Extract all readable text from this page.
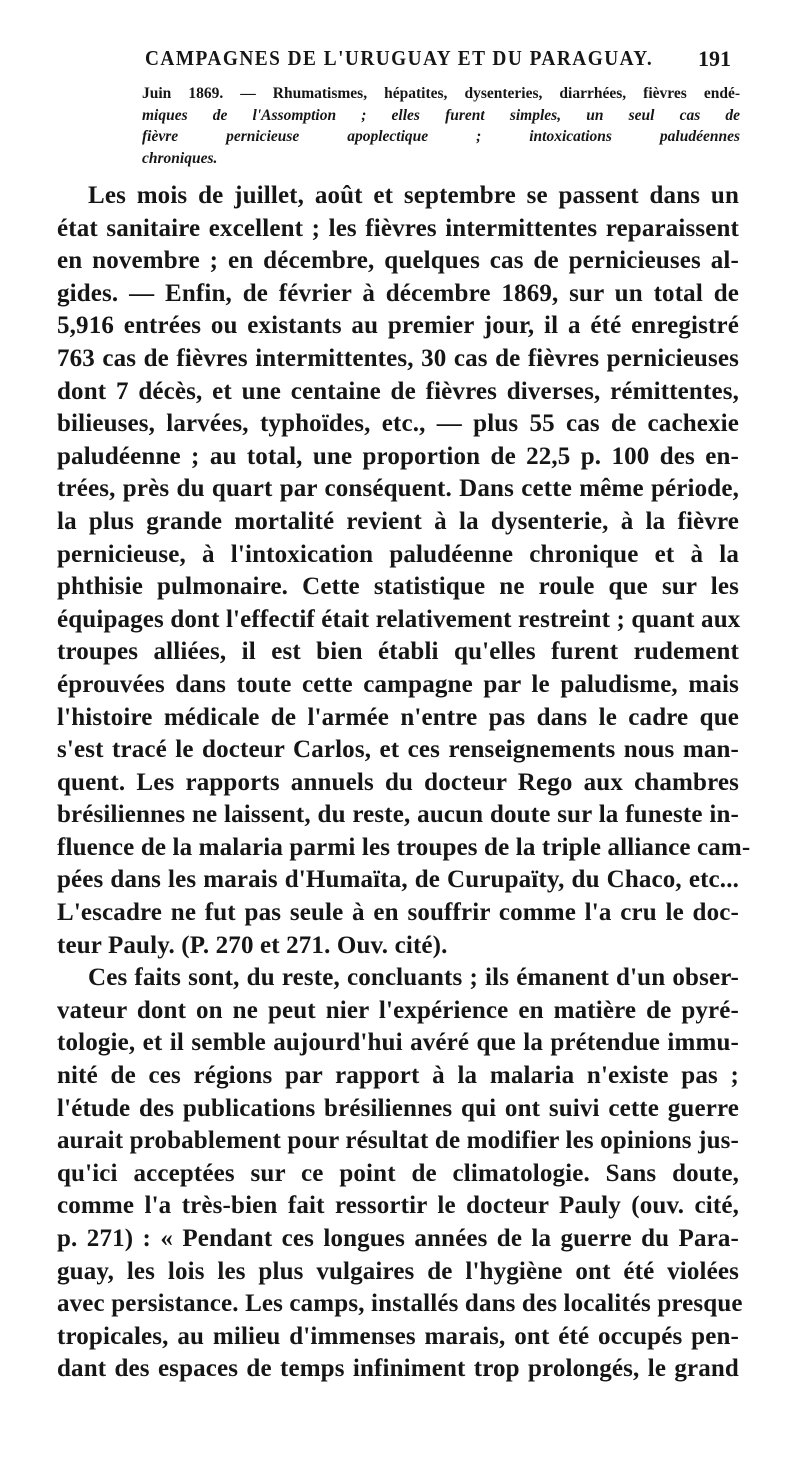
CAMPAGNES DE L'URUGUAY ET DU PARAGUAY. 191
Juin 1869. — Rhumatismes, hépatites, dysenteries, diarrhées, fièvres endé-
miques de l'Assomption ; elles furent simples, un seul cas de
fièvre pernicieuse apoplectique ; intoxications paludéennes
chroniques.
Les mois de juillet, août et septembre se passent dans un
état sanitaire excellent ; les fièvres intermittentes reparaissent
en novembre ; en décembre, quelques cas de pernicieuses al-
gides. — Enfin, de février à décembre 1869, sur un total de
5,916 entrées ou existants au premier jour, il a été enregistré
763 cas de fièvres intermittentes, 30 cas de fièvres pernicieuses
dont 7 décès, et une centaine de fièvres diverses, rémittentes,
bilieuses, larvées, typhoïdes, etc., — plus 55 cas de cachexie
paludéenne ; au total, une proportion de 22,5 p. 100 des en-
trées, près du quart par conséquent. Dans cette même période,
la plus grande mortalité revient à la dysenterie, à la fièvre
pernicieuse, à l'intoxication paludéenne chronique et à la
phthisie pulmonaire. Cette statistique ne roule que sur les
équipages dont l'effectif était relativement restreint ; quant aux
troupes alliées, il est bien établi qu'elles furent rudement
éprouvées dans toute cette campagne par le paludisme, mais
l'histoire médicale de l'armée n'entre pas dans le cadre que
s'est tracé le docteur Carlos, et ces renseignements nous man-
quent. Les rapports annuels du docteur Rego aux chambres
brésiliennes ne laissent, du reste, aucun doute sur la funeste in-
fluence de la malaria parmi les troupes de la triple alliance cam-
pées dans les marais d'Humaïta, de Curupaïty, du Chaco, etc...
L'escadre ne fut pas seule à en souffrir comme l'a cru le doc-
teur Pauly. (P. 270 et 271. Ouv. cité).
Ces faits sont, du reste, concluants ; ils émanent d'un obser-
vateur dont on ne peut nier l'expérience en matière de pyré-
tologie, et il semble aujourd'hui avéré que la prétendue immu-
nité de ces régions par rapport à la malaria n'existe pas ;
l'étude des publications brésiliennes qui ont suivi cette guerre
aurait probablement pour résultat de modifier les opinions jus-
qu'ici acceptées sur ce point de climatologie. Sans doute,
comme l'a très-bien fait ressortir le docteur Pauly (ouv. cité,
p. 271) : « Pendant ces longues années de la guerre du Para-
guay, les lois les plus vulgaires de l'hygiène ont été violées
avec persistance. Les camps, installés dans des localités presque
tropicales, au milieu d'immenses marais, ont été occupés pen-
dant des espaces de temps infiniment trop prolongés, le grand
